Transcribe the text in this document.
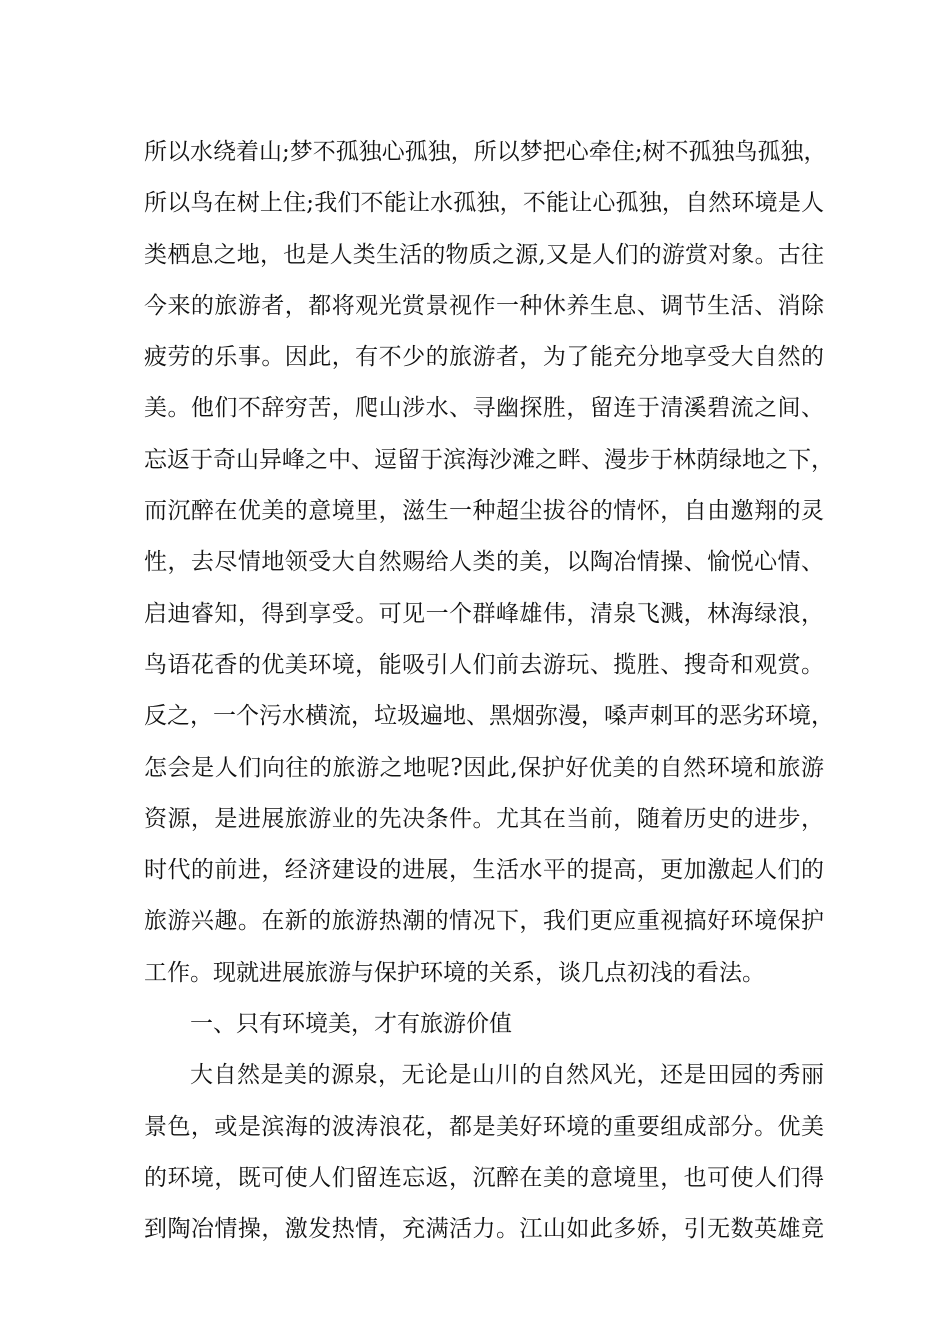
所以水绕着山;梦不孤独心孤独，所以梦把心牵住;树不孤独鸟孤独，
所以鸟在树上住;我们不能让水孤独，不能让心孤独，自然环境是人
类栖息之地，也是人类生活的物质之源,又是人们的游赏对象。古往
今来的旅游者，都将观光赏景视作一种休养生息、调节生活、消除
疲劳的乐事。因此，有不少的旅游者，为了能充分地享受大自然的
美。他们不辞穷苦，爬山涉水、寻幽探胜，留连于清溪碧流之间、
忘返于奇山异峰之中、逗留于滨海沙滩之畔、漫步于林荫绿地之下，
而沉醉在优美的意境里，滋生一种超尘拔谷的情怀，自由邀翔的灵
性，去尽情地领受大自然赐给人类的美，以陶冶情操、愉悦心情、
启迪睿知，得到享受。可见一个群峰雄伟，清泉飞溅，林海绿浪，
鸟语花香的优美环境，能吸引人们前去游玩、揽胜、搜奇和观赏。
反之，一个污水横流，垃圾遍地、黑烟弥漫，嗓声刺耳的恶劣环境，
怎会是人们向往的旅游之地呢?因此,保护好优美的自然环境和旅游
资源，是进展旅游业的先决条件。尤其在当前，随着历史的进步，
时代的前进，经济建设的进展，生活水平的提高，更加激起人们的
旅游兴趣。在新的旅游热潮的情况下，我们更应重视搞好环境保护
工作。现就进展旅游与保护环境的关系，谈几点初浅的看法。
一、只有环境美，才有旅游价值
大自然是美的源泉，无论是山川的自然风光，还是田园的秀丽
景色，或是滨海的波涛浪花，都是美好环境的重要组成部分。优美
的环境，既可使人们留连忘返，沉醉在美的意境里，也可使人们得
到陶冶情操，激发热情，充满活力。江山如此多娇，引无数英雄竞
